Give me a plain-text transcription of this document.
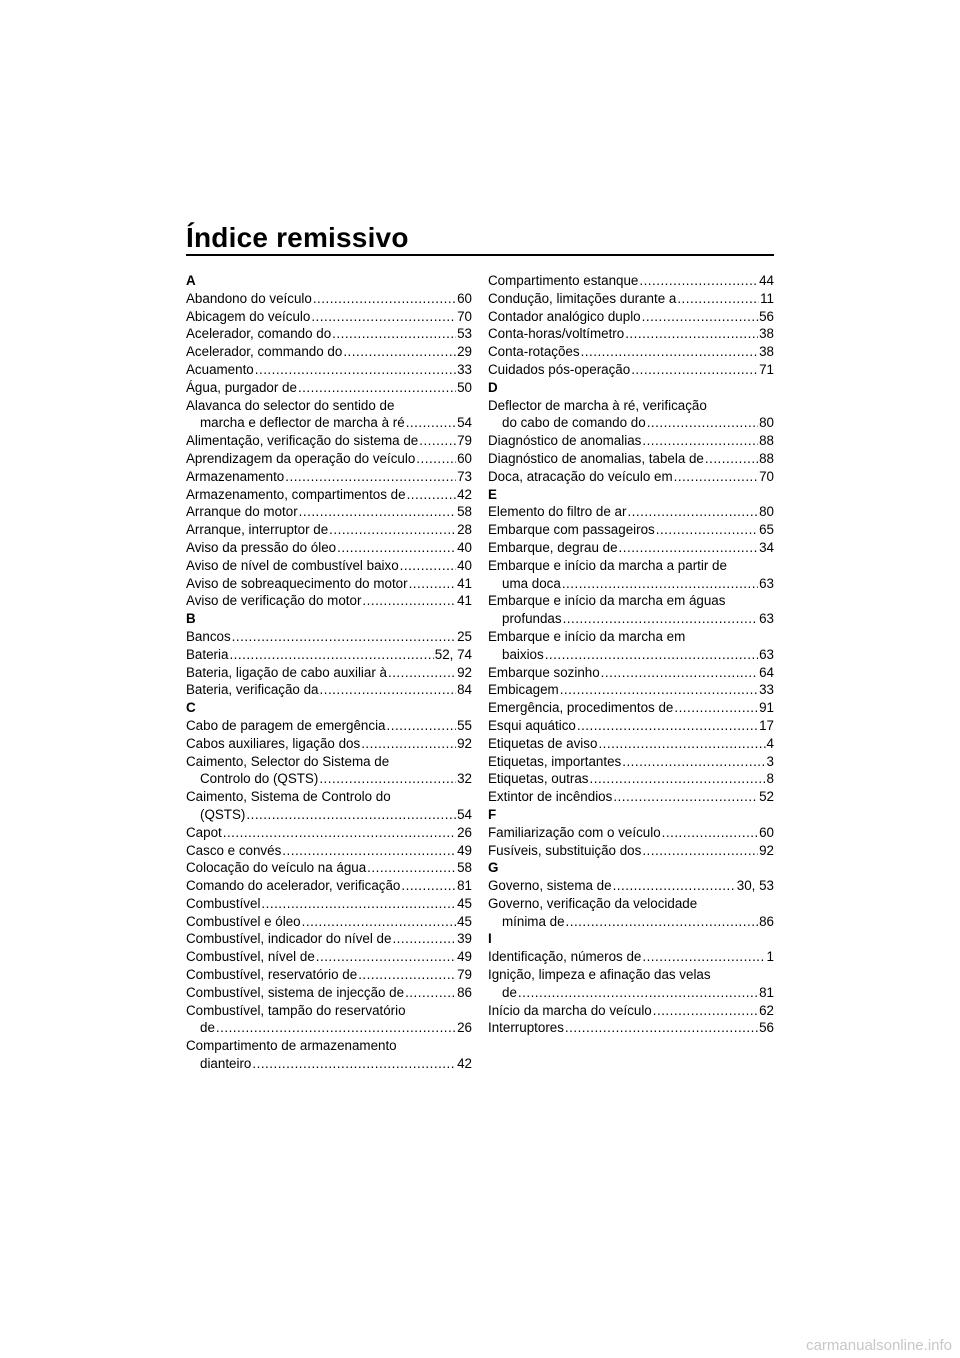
Índice remissivo
A
Abandono do veículo .....	60
Abicagem do veículo .....	70
Acelerador, comando do .....	53
Acelerador, commando do .....	29
Acuamento .....	33
Água, purgador de .....	50
Alavanca do selector do sentido de
marcha e deflector de marcha à ré .....	54
Alimentação, verificação do sistema de .....	79
Aprendizagem da operação do veículo .....	60
Armazenamento .....	73
Armazenamento, compartimentos de .....	42
Arranque do motor .....	58
Arranque, interruptor de .....	28
Aviso da pressão do óleo .....	40
Aviso de nível de combustível baixo .....	40
Aviso de sobreaquecimento do motor .....	41
Aviso de verificação do motor .....	41
B
Bancos .....	25
Bateria .....	52, 74
Bateria, ligação de cabo auxiliar à .....	92
Bateria, verificação da .....	84
C
Cabo de paragem de emergência .....	55
Cabos auxiliares, ligação dos .....	92
Caimento, Selector do Sistema de
Controlo do (QSTS) .....	32
Caimento, Sistema de Controlo do
(QSTS) .....	54
Capot .....	26
Casco e convés .....	49
Colocação do veículo na água .....	58
Comando do acelerador, verificação .....	81
Combustível .....	45
Combustível e óleo .....	45
Combustível, indicador do nível de .....	39
Combustível, nível de .....	49
Combustível, reservatório de .....	79
Combustível, sistema de injecção de .....	86
Combustível, tampão do reservatório
de .....	26
Compartimento de armazenamento
dianteiro .....	42
Compartimento estanque .....	44
Condução, limitações durante a .....	11
Contador analógico duplo .....	56
Conta-horas/voltímetro .....	38
Conta-rotações .....	38
Cuidados pós-operação .....	71
D
Deflector de marcha à ré, verificação
do cabo de comando do .....	80
Diagnóstico de anomalias .....	88
Diagnóstico de anomalias, tabela de .....	88
Doca, atracação do veículo em .....	70
E
Elemento do filtro de ar .....	80
Embarque com passageiros .....	65
Embarque, degrau de .....	34
Embarque e início da marcha a partir de
uma doca .....	63
Embarque e início da marcha em águas
profundas .....	63
Embarque e início da marcha em
baixios .....	63
Embarque sozinho .....	64
Embicagem .....	33
Emergência, procedimentos de .....	91
Esqui aquático .....	17
Etiquetas de aviso .....	4
Etiquetas, importantes .....	3
Etiquetas, outras .....	8
Extintor de incêndios .....	52
F
Familiarização com o veículo .....	60
Fusíveis, substituição dos .....	92
G
Governo, sistema de .....	30, 53
Governo, verificação da velocidade
mínima de .....	86
I
Identificação, números de .....	1
Ignição, limpeza e afinação das velas
de .....	81
Início da marcha do veículo .....	62
Interruptores .....	56
carmanualsonline.info
